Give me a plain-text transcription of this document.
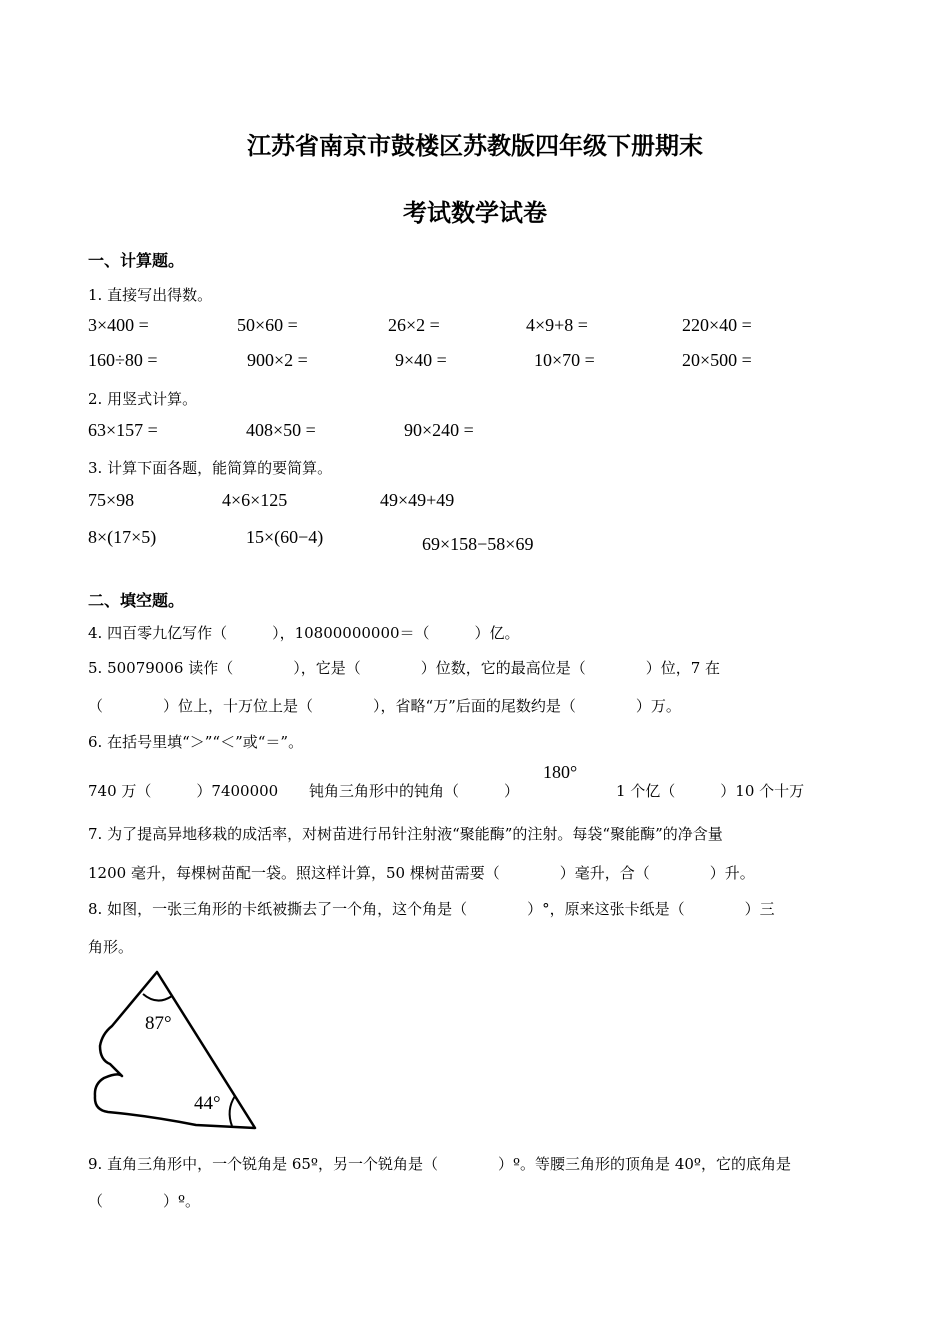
江苏省南京市鼓楼区苏教版四年级下册期末
考试数学试卷
一、计算题。
1. 直接写出得数。
3×400 =	50×60 =	26×2 =	4×9+8 =	220×40 =
160÷80 =	900×2 =	9×40 =	10×70 =	20×500 =
2. 用竖式计算。
63×157 =	408×50 =	90×240 =
3. 计算下面各题，能简算的要简算。
75×98	4×6×125	49×49+49
8×(17×5)	15×(60−4)	69×158−58×69
二、填空题。
4. 四百零九亿写作（　　　），10800000000＝（　　　）亿。
5. 50079006 读作（　　　　），它是（　　　　）位数，它的最高位是（　　　　）位，7 在
（　　　　）位上，十万位上是（　　　　），省略“万”后面的尾数约是（　　　　）万。
6. 在括号里填“＞”“＜”或“＝”。
180°
740 万（　　　）7400000 钝角三角形中的钝角（　　　）	1 个亿（　　　）10 个十万
7. 为了提高异地移栽的成活率，对树苗进行吊针注射液“聚能酶”的注射。每袋“聚能酶”的净含量
1200 毫升，每棵树苗配一袋。照这样计算，50 棵树苗需要（　　　　）毫升，合（　　　　）升。
8. 如图，一张三角形的卡纸被撕去了一个角，这个角是（　　　　）°，原来这张卡纸是（　　　　）三
角形。
87°
44°
9. 直角三角形中，一个锐角是 65º，另一个锐角是（　　　　）º。等腰三角形的顶角是 40º，它的底角是
（　　　　）º。
